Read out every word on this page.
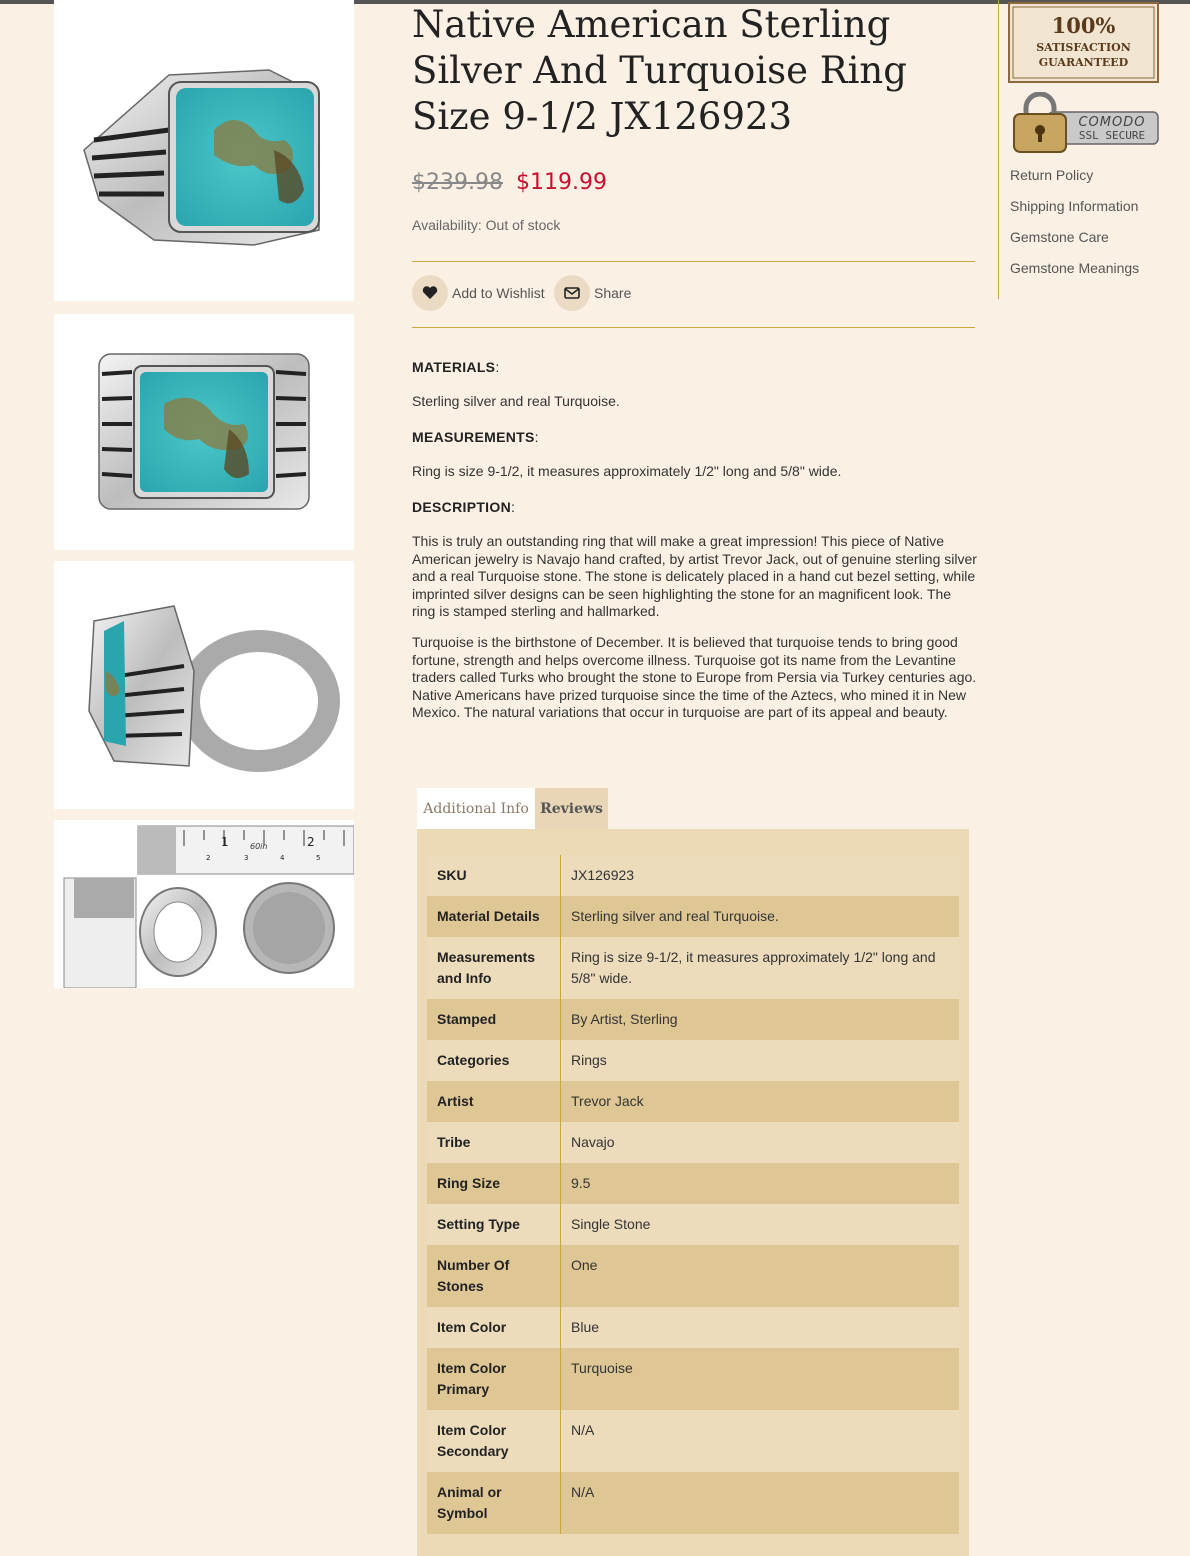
60in
1	2
2	3	4	5
Native American Sterling Silver And Turquoise Ring Size 9-1/2 JX126923
$239.98 $119.99
Availability: Out of stock
Add to Wishlist	Share
MATERIALS:

Sterling silver and real Turquoise.

MEASUREMENTS:

Ring is size 9-1/2, it measures approximately 1/2" long and 5/8" wide.

DESCRIPTION:

This is truly an outstanding ring that will make a great impression! This piece of Native American jewelry is Navajo hand crafted, by artist Trevor Jack, out of genuine sterling silver and a real Turquoise stone. The stone is delicately placed in a hand cut bezel setting, while imprinted silver designs can be seen highlighting the stone for an magnificent look. The ring is stamped sterling and hallmarked.

Turquoise is the birthstone of December. It is believed that turquoise tends to bring good fortune, strength and helps overcome illness. Turquoise got its name from the Levantine traders called Turks who brought the stone to Europe from Persia via Turkey centuries ago. Native Americans have prized turquoise since the time of the Aztecs, who mined it in New Mexico. The natural variations that occur in turquoise are part of its appeal and beauty.

Additional Info Reviews
SKU	JX126923
Material Details	Sterling silver and real Turquoise.
Measurements and Info	Ring is size 9-1/2, it measures approximately 1/2" long and 5/8" wide.
Stamped	By Artist, Sterling
Categories	Rings
Artist	Trevor Jack
Tribe	Navajo
Ring Size	9.5
Setting Type	Single Stone
Number Of Stones	One
Item Color	Blue
Item Color Primary	Turquoise
Item Color Secondary	N/A
Animal or Symbol	N/A
100%
SATISFACTION
GUARANTEED
COMODO
SSL SECURE
Return Policy
Shipping Information
Gemstone Care
Gemstone Meanings
